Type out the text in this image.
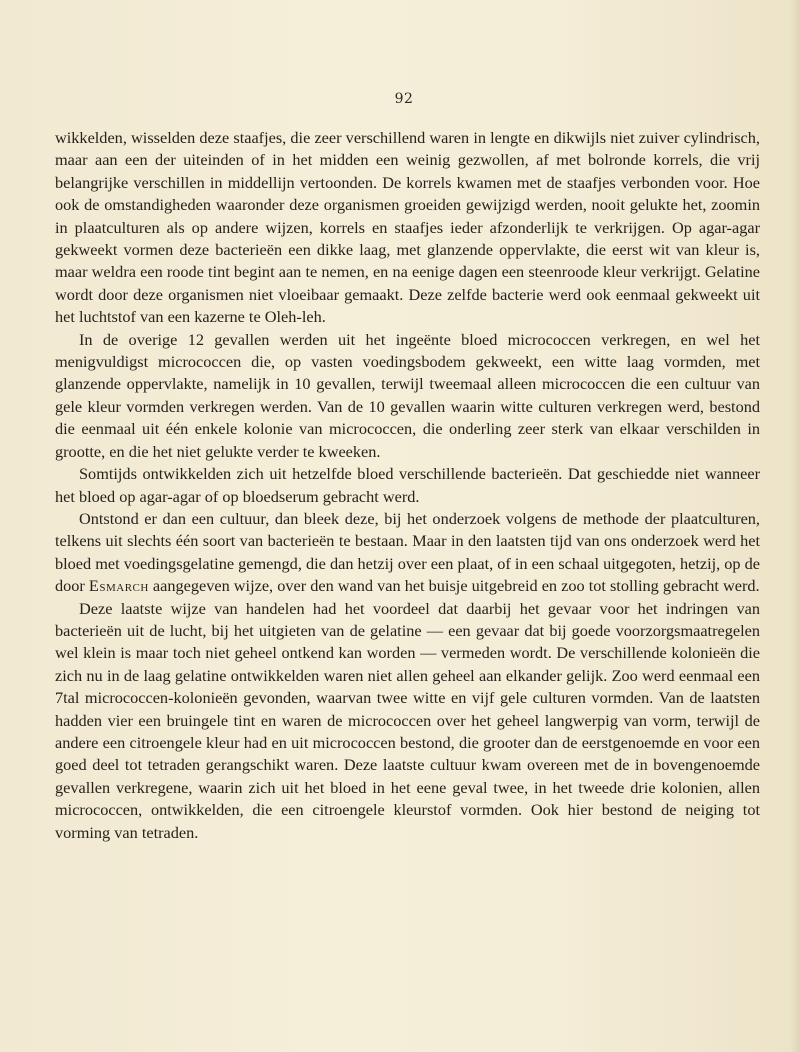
92

wikkelden, wisselden deze staafjes, die zeer verschillend waren in lengte en dikwijls niet zuiver cylindrisch, maar aan een der uiteinden of in het midden een weinig gezwollen, af met bolronde korrels, die vrij belangrijke verschillen in middellijn vertoonden. De korrels kwamen met de staafjes verbonden voor. Hoe ook de omstandigheden waaronder deze organismen groeiden gewijzigd werden, nooit gelukte het, zoomin in plaatculturen als op andere wijzen, korrels en staafjes ieder afzonderlijk te verkrijgen. Op agar-agar gekweekt vormen deze bacterieën een dikke laag, met glanzende oppervlakte, die eerst wit van kleur is, maar weldra een roode tint begint aan te nemen, en na eenige dagen een steenroode kleur verkrijgt. Gelatine wordt door deze organismen niet vloeibaar gemaakt. Deze zelfde bacterie werd ook eenmaal gekweekt uit het luchtstof van een kazerne te Oleh-leh.

In de overige 12 gevallen werden uit het ingeënte bloed micrococcen verkregen, en wel het menigvuldigst micrococcen die, op vasten voedingsbodem gekweekt, een witte laag vormden, met glanzende oppervlakte, namelijk in 10 gevallen, terwijl tweemaal alleen micrococcen die een cultuur van gele kleur vormden verkregen werden. Van de 10 gevallen waarin witte culturen verkregen werd, bestond die eenmaal uit één enkele kolonie van micrococcen, die onderling zeer sterk van elkaar verschilden in grootte, en die het niet gelukte verder te kweeken.

Somtijds ontwikkelden zich uit hetzelfde bloed verschillende bacterieën. Dat geschiedde niet wanneer het bloed op agar-agar of op bloedserum gebracht werd.

Ontstond er dan een cultuur, dan bleek deze, bij het onderzoek volgens de methode der plaatculturen, telkens uit slechts één soort van bacterieën te bestaan. Maar in den laatsten tijd van ons onderzoek werd het bloed met voedingsgelatine gemengd, die dan hetzij over een plaat, of in een schaal uitgegoten, hetzij, op de door Esmarch aangegeven wijze, over den wand van het buisje uitgebreid en zoo tot stolling gebracht werd.

Deze laatste wijze van handelen had het voordeel dat daarbij het gevaar voor het indringen van bacterieën uit de lucht, bij het uitgieten van de gelatine — een gevaar dat bij goede voorzorgsmaatregelen wel klein is maar toch niet geheel ontkend kan worden — vermeden wordt. De verschillende kolonieën die zich nu in de laag gelatine ontwikkelden waren niet allen geheel aan elkander gelijk. Zoo werd eenmaal een 7tal micrococcen-kolonieën gevonden, waarvan twee witte en vijf gele culturen vormden. Van de laatsten hadden vier een bruingele tint en waren de micrococcen over het geheel langwerpig van vorm, terwijl de andere een citroengele kleur had en uit micrococcen bestond, die grooter dan de eerstgenoemde en voor een goed deel tot tetraden gerangschikt waren. Deze laatste cultuur kwam overeen met de in bovengenoemde gevallen verkregene, waarin zich uit het bloed in het eene geval twee, in het tweede drie kolonien, allen micrococcen, ontwikkelden, die een citroengele kleurstof vormden. Ook hier bestond de neiging tot vorming van tetraden.
